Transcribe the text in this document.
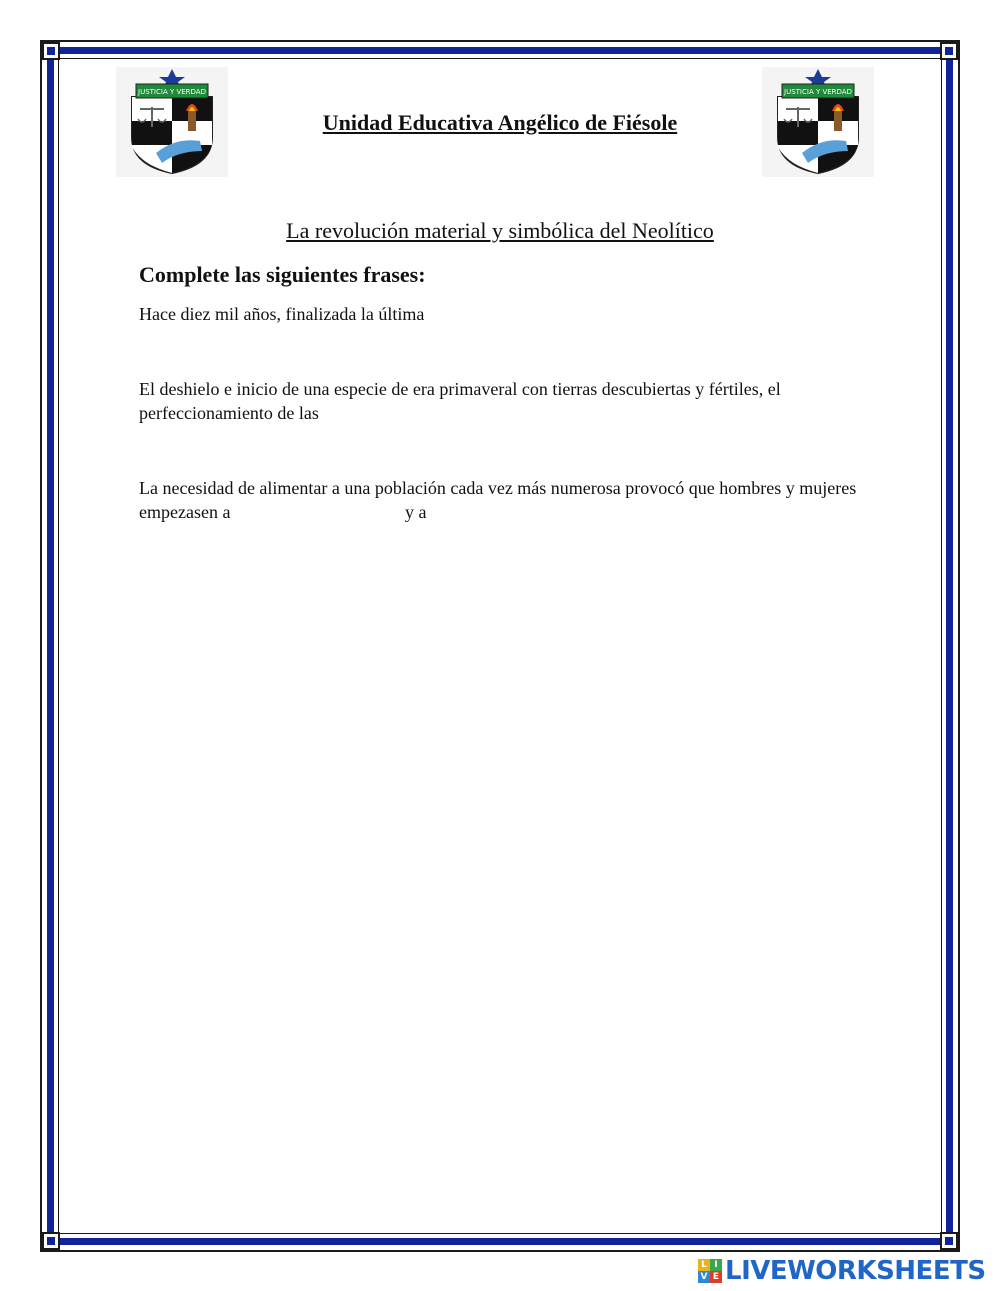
JUSTICIA Y VERDAD
Unidad Educativa Angélico de Fiésole
JUSTICIA Y VERDAD
La revolución material y simbólica del Neolítico
Complete las siguientes frases:
Hace diez mil años, finalizada la última
El deshielo e inicio de una especie de era primaveral con tierras descubiertas y fértiles, el perfeccionamiento de las
La necesidad de alimentar a una población cada vez más numerosa provocó que hombres y mujeres empezasen a	y a
L I
V E LIVEWORKSHEETS
